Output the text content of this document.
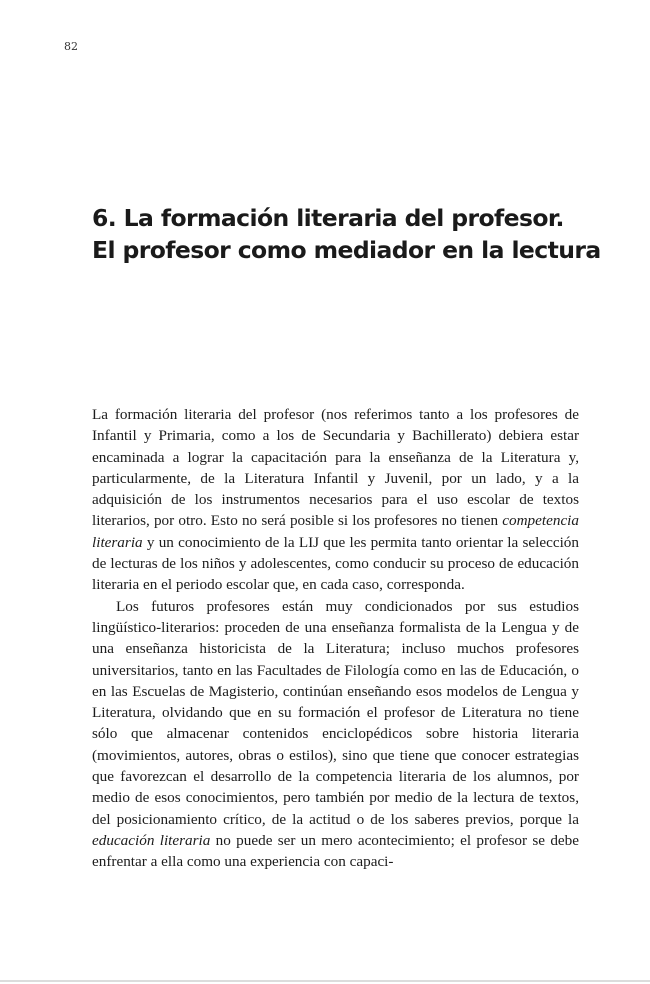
82
6. La formación literaria del profesor.
El profesor como mediador en la lectura

La formación literaria del profesor (nos referimos tanto a los profesores de Infantil y Primaria, como a los de Secundaria y Bachillerato) debiera estar encaminada a lograr la capacitación para la enseñanza de la Literatura y, particularmente, de la Literatura Infantil y Juvenil, por un lado, y a la adquisición de los instrumentos necesarios para el uso escolar de textos literarios, por otro. Esto no será posible si los profesores no tienen competencia literaria y un conocimiento de la LIJ que les permita tanto orientar la selección de lecturas de los niños y adolescentes, como conducir su proceso de educación literaria en el periodo escolar que, en cada caso, corresponda.

Los futuros profesores están muy condicionados por sus estudios lingüístico-literarios: proceden de una enseñanza formalista de la Lengua y de una enseñanza historicista de la Literatura; incluso muchos profesores universitarios, tanto en las Facultades de Filología como en las de Educación, o en las Escuelas de Magisterio, continúan enseñando esos modelos de Lengua y Literatura, olvidando que en su formación el profesor de Literatura no tiene sólo que almacenar contenidos enciclopédicos sobre historia literaria (movimientos, autores, obras o estilos), sino que tiene que conocer estrategias que favorezcan el desarrollo de la competencia literaria de los alumnos, por medio de esos conocimientos, pero también por medio de la lectura de textos, del posicionamiento crítico, de la actitud o de los saberes previos, porque la educación literaria no puede ser un mero acontecimiento; el profesor se debe enfrentar a ella como una experiencia con capaci-
